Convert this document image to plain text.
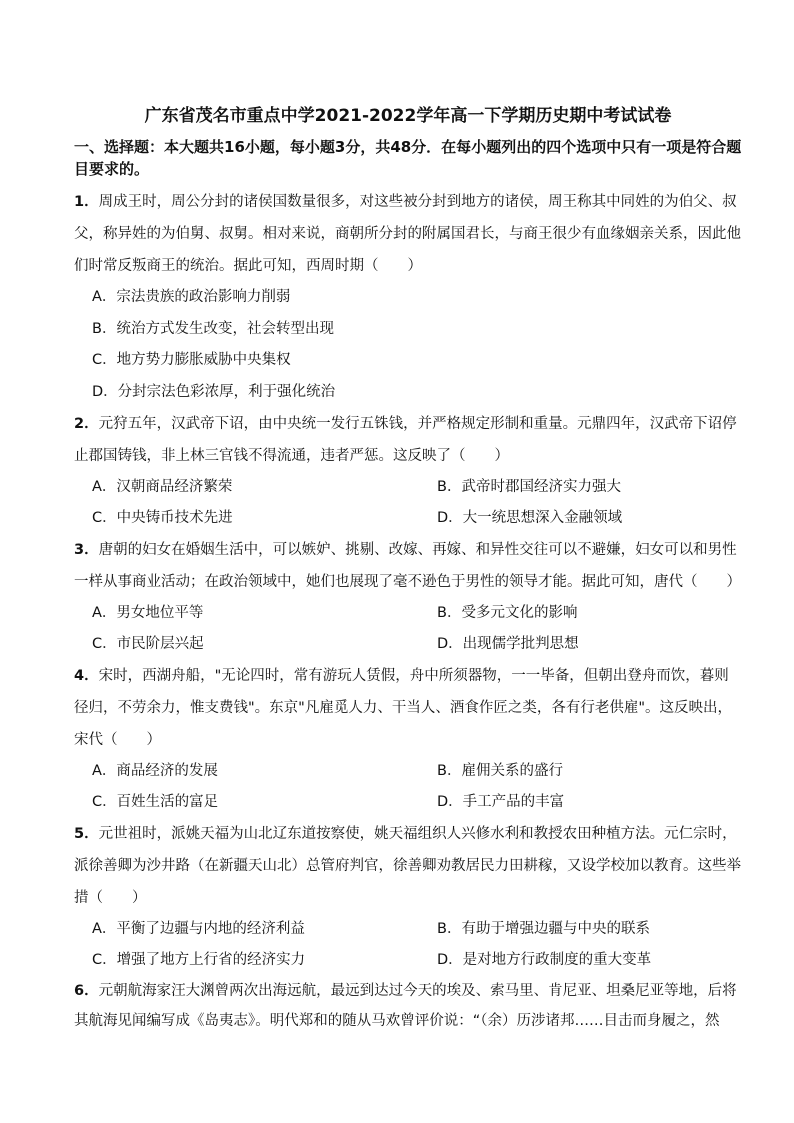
广东省茂名市重点中学2021-2022学年高一下学期历史期中考试试卷
一、选择题：本大题共16小题，每小题3分，共48分．在每小题列出的四个选项中只有一项是符合题目要求的。

1．周成王时，周公分封的诸侯国数量很多，对这些被分封到地方的诸侯，周王称其中同姓的为伯父、叔父，称异姓的为伯舅、叔舅。相对来说，商朝所分封的附属国君长，与商王很少有血缘姻亲关系，因此他们时常反叛商王的统治。据此可知，西周时期（　　）

A．宗法贵族的政治影响力削弱

B．统治方式发生改变，社会转型出现

C．地方势力膨胀威胁中央集权

D．分封宗法色彩浓厚，利于强化统治

2．元狩五年，汉武帝下诏，由中央统一发行五铢钱，并严格规定形制和重量。元鼎四年，汉武帝下诏停止郡国铸钱，非上林三官钱不得流通，违者严惩。这反映了（　　）

A．汉朝商品经济繁荣	B．武帝时郡国经济实力强大
C．中央铸币技术先进	D．大一统思想深入金融领域

3．唐朝的妇女在婚姻生活中，可以嫉妒、挑剔、改嫁、再嫁、和异性交往可以不避嫌，妇女可以和男性一样从事商业活动；在政治领域中，她们也展现了毫不逊色于男性的领导才能。据此可知，唐代（　　）

A．男女地位平等	B．受多元文化的影响
C．市民阶层兴起	D．出现儒学批判思想

4．宋时，西湖舟船，"无论四时，常有游玩人赁假，舟中所须器物，一一毕备，但朝出登舟而饮，暮则径归，不劳余力，惟支费钱"。东京"凡雇觅人力、干当人、酒食作匠之类，各有行老供雇"。这反映出，宋代（　　）

A．商品经济的发展	B．雇佣关系的盛行
C．百姓生活的富足	D．手工产品的丰富

5．元世祖时，派姚天福为山北辽东道按察使，姚天福组织人兴修水利和教授农田种植方法。元仁宗时，派徐善卿为沙井路（在新疆天山北）总管府判官，徐善卿劝教居民力田耕稼，又设学校加以教育。这些举措（　　）

A．平衡了边疆与内地的经济利益	B．有助于增强边疆与中央的联系
C．增强了地方上行省的经济实力	D．是对地方行政制度的重大变革

6．元朝航海家汪大渊曾两次出海远航，最远到达过今天的埃及、索马里、肯尼亚、坦桑尼亚等地，后将其航海见闻编写成《岛夷志》。明代郑和的随从马欢曾评价说：“（余）历涉诸邦……目击而身履之，然
